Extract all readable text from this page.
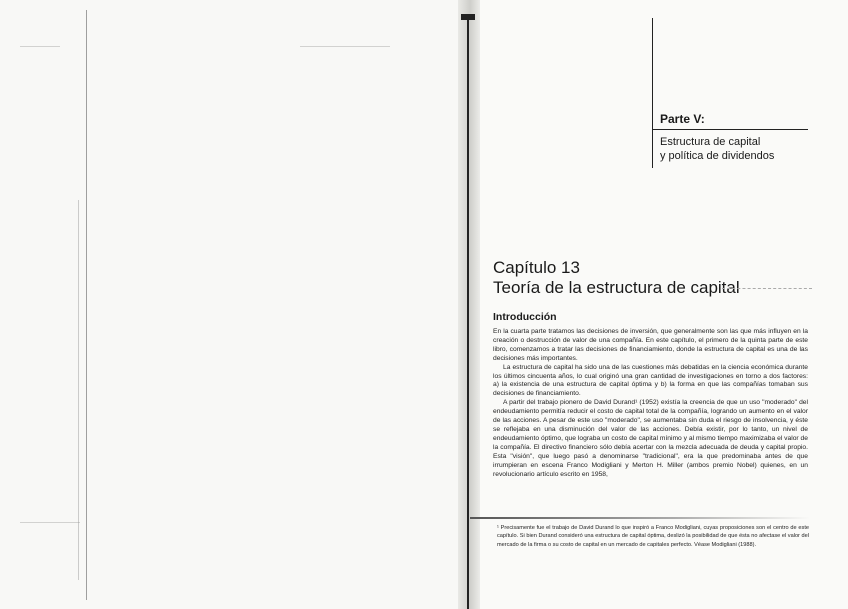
Parte V:
Estructura de capital
y política de dividendos
Capítulo 13
Teoría de la estructura de capital
Introducción

En la cuarta parte tratamos las decisiones de inversión, que generalmente son las que más influyen en la creación o destrucción de valor de una compañía. En este capítulo, el primero de la quinta parte de este libro, comenzamos a tratar las decisiones de financiamiento, donde la estructura de capital es una de las decisiones más importantes.

La estructura de capital ha sido una de las cuestiones más debatidas en la ciencia económica durante los últimos cincuenta años, lo cual originó una gran cantidad de investigaciones en torno a dos factores: a) la existencia de una estructura de capital óptima y b) la forma en que las compañías tomaban sus decisiones de financiamiento.

A partir del trabajo pionero de David Durand¹ (1952) existía la creencia de que un uso "moderado" del endeudamiento permitía reducir el costo de capital total de la compañía, logrando un aumento en el valor de las acciones. A pesar de este uso "moderado", se aumentaba sin duda el riesgo de insolvencia, y éste se reflejaba en una disminución del valor de las acciones. Debía existir, por lo tanto, un nivel de endeudamiento óptimo, que lograba un costo de capital mínimo y al mismo tiempo maximizaba el valor de la compañía. El directivo financiero sólo debía acertar con la mezcla adecuada de deuda y capital propio. Esta "visión", que luego pasó a denominarse "tradicional", era la que predominaba antes de que irrumpieran en escena Franco Modigliani y Merton H. Miller (ambos premio Nobel) quienes, en un revolucionario artículo escrito en 1958,

¹ Precisamente fue el trabajo de David Durand lo que inspiró a Franco Modigliani, cuyas proposiciones son el centro de este capítulo. Si bien Durand consideró una estructura de capital óptima, deslizó la posibilidad de que ésta no afectase el valor del mercado de la firma o su costo de capital en un mercado de capitales perfecto. Véase Modigliani (1988).
